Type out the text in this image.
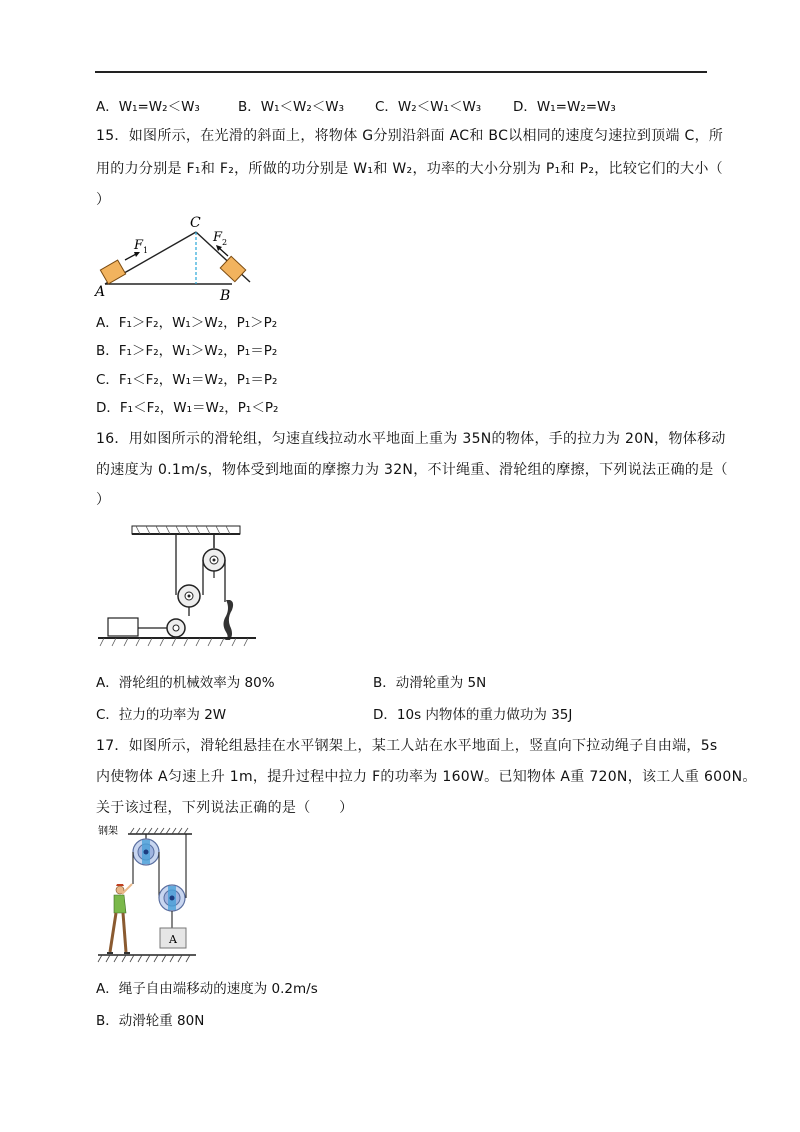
A．W₁=W₂＜W₃	B．W₁＜W₂＜W₃ C．W₂＜W₁＜W₃ D．W₁=W₂=W₃
15．如图所示，在光滑的斜面上，将物体 G分别沿斜面 AC和 BC以相同的速度匀速拉到顶端 C，所
用的力分别是 F₁和 F₂，所做的功分别是 W₁和 W₂，功率的大小分别为 P₁和 P₂，比较它们的大小（
）
A	B
C
F 1
F 2
A．F₁＞F₂，W₁＞W₂，P₁＞P₂
B．F₁＞F₂，W₁＞W₂，P₁＝P₂
C．F₁＜F₂，W₁＝W₂，P₁＝P₂
D．F₁＜F₂，W₁＝W₂，P₁＜P₂
16．用如图所示的滑轮组，匀速直线拉动水平地面上重为 35N的物体，手的拉力为 20N，物体移动
的速度为 0.1m/s，物体受到地面的摩擦力为 32N，不计绳重、滑轮组的摩擦，下列说法正确的是（
）
A．滑轮组的机械效率为 80%	B．动滑轮重为 5N
C．拉力的功率为 2W	D．10s 内物体的重力做功为 35J
17．如图所示，滑轮组悬挂在水平钢架上，某工人站在水平地面上，竖直向下拉动绳子自由端，5s
内使物体 A匀速上升 1m，提升过程中拉力 F的功率为 160W。已知物体 A重 720N，该工人重 600N。
关于该过程，下列说法正确的是（　　）
钢架
A
A．绳子自由端移动的速度为 0.2m/s
B．动滑轮重 80N
